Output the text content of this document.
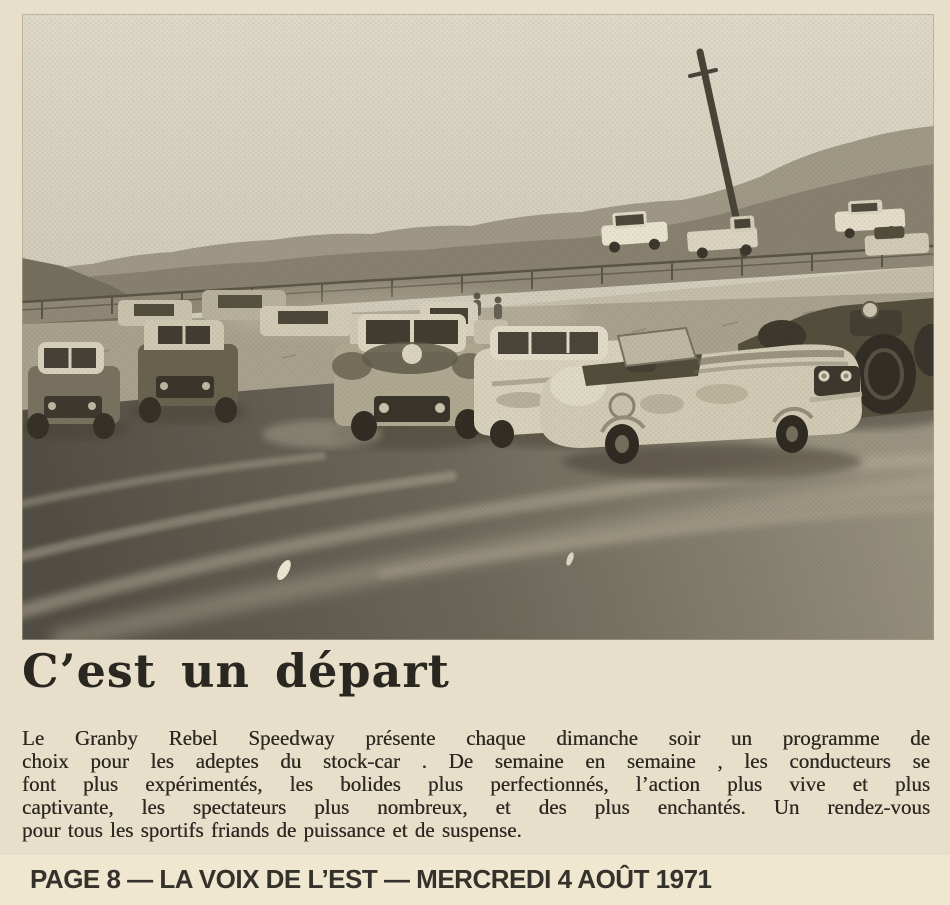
C’est un départ
Le Granby Rebel Speedway présente chaque dimanche soir un programme de
choix pour les adeptes du stock-car . De semaine en semaine , les conducteurs se
font plus expérimentés, les bolides plus perfectionnés, l’action plus vive et plus
captivante, les spectateurs plus nombreux, et des plus enchantés. Un rendez-vous
pour tous les sportifs friands de puissance et de suspense.

PAGE 8 — LA VOIX DE L’EST — MERCREDI 4 AOÛT 1971
